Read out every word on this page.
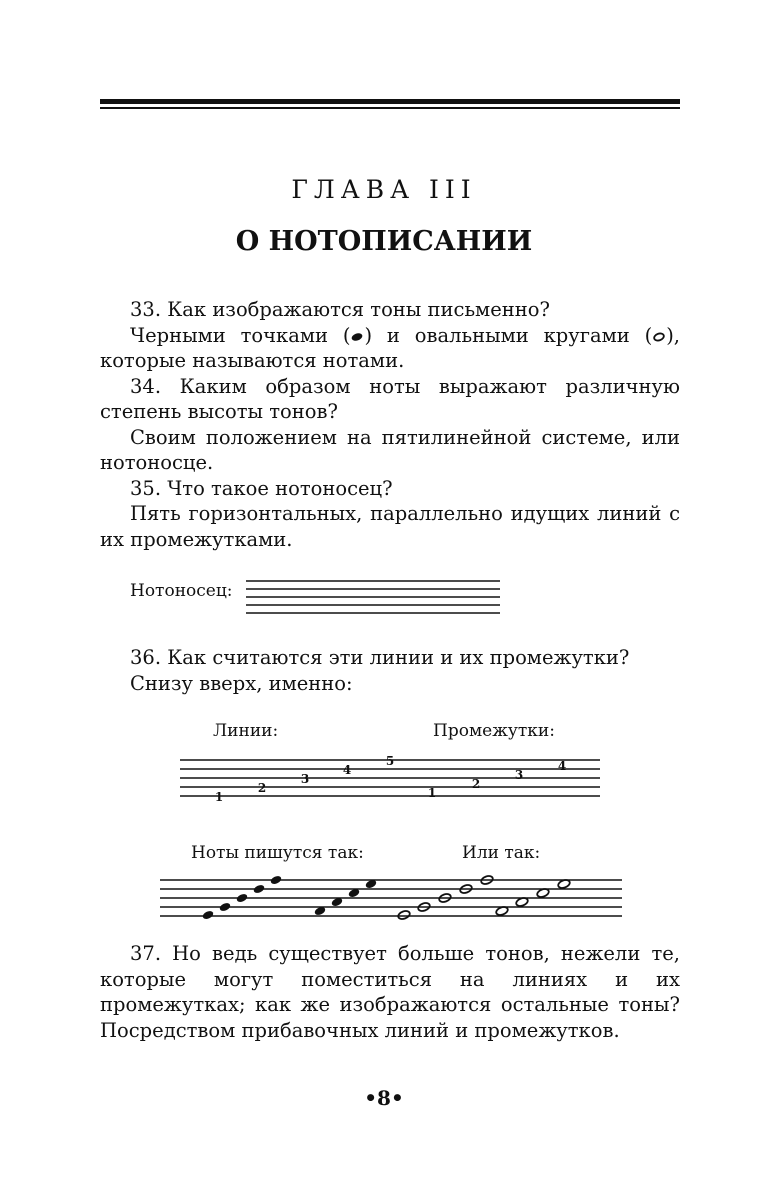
ГЛАВА III
О НОТОПИСАНИИ

33. Как изображаются тоны письменно?

Черными точками ( ) и овальными кругами ( ), которые называются нотами.

34. Каким образом ноты выражают различную степень высоты тонов?

Своим положением на пятилинейной системе, или нотоносце.

35. Что такое нотоносец?

Пять горизонтальных, параллельно идущих линий с их промежутками.

Нотоносец:

36. Как считаются эти линии и их промежутки?

Снизу вверх, именно:

Линии:	Промежутки:
Ноты пишутся так:	Или так:
1
2
3
4
5
1
2
3
4

37. Но ведь существует больше тонов, нежели те, которые могут поместиться на линиях и их промежутках; как же изображаются остальные тоны? Посредством прибавочных линий и промежутков.

•8•
